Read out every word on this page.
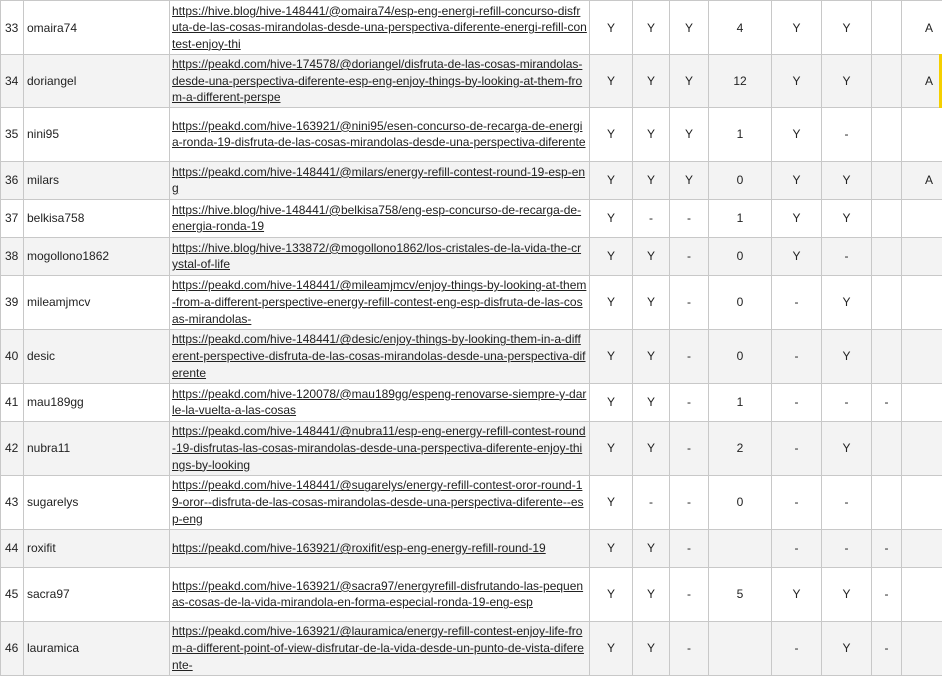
33	omaira74	https://hive.blog/hive-148441/@omaira74/esp-eng-energi-refill-concurso-disfruta-de-las-cosas-mirandolas-desde-una-perspectiva-diferente-energi-refill-contest-enjoy-thi	Y	Y	Y	4	Y	Y		A
34	doriangel	https://peakd.com/hive-174578/@doriangel/disfruta-de-las-cosas-mirandolas-desde-una-perspectiva-diferente-esp-eng-enjoy-things-by-looking-at-them-from-a-different-perspe	Y	Y	Y	12	Y	Y		A
35	nini95	https://peakd.com/hive-163921/@nini95/esen-concurso-de-recarga-de-energia-ronda-19-disfruta-de-las-cosas-mirandolas-desde-una-perspectiva-diferente	Y	Y	Y	1	Y	-		
36	milars	https://peakd.com/hive-148441/@milars/energy-refill-contest-round-19-esp-eng	Y	Y	Y	0	Y	Y		A
37	belkisa758	https://hive.blog/hive-148441/@belkisa758/eng-esp-concurso-de-recarga-de-energia-ronda-19	Y	-	-	1	Y	Y		
38	mogollono1862	https://hive.blog/hive-133872/@mogollono1862/los-cristales-de-la-vida-the-crystal-of-life	Y	Y	-	0	Y	-		
39	mileamjmcv	https://peakd.com/hive-148441/@mileamjmcv/enjoy-things-by-looking-at-them-from-a-different-perspective-energy-refill-contest-eng-esp-disfruta-de-las-cosas-mirandolas-	Y	Y	-	0	-	Y		
40	desic	https://peakd.com/hive-148441/@desic/enjoy-things-by-looking-them-in-a-different-perspective-disfruta-de-las-cosas-mirandolas-desde-una-perspectiva-diferente	Y	Y	-	0	-	Y		
41	mau189gg	https://peakd.com/hive-120078/@mau189gg/espeng-renovarse-siempre-y-darle-la-vuelta-a-las-cosas	Y	Y	-	1	-	-	-	
42	nubra11	https://peakd.com/hive-148441/@nubra11/esp-eng-energy-refill-contest-round-19-disfrutas-las-cosas-mirandolas-desde-una-perspectiva-diferente-enjoy-things-by-looking	Y	Y	-	2	-	Y		
43	sugarelys	https://peakd.com/hive-148441/@sugarelys/energy-refill-contest-oror-round-19-oror--disfruta-de-las-cosas-mirandolas-desde-una-perspectiva-diferente--esp-eng	Y	-	-	0	-	-		
44	roxifit	https://peakd.com/hive-163921/@roxifit/esp-eng-energy-refill-round-19	Y	Y	-		-	-	-	
45	sacra97	https://peakd.com/hive-163921/@sacra97/energyrefill-disfrutando-las-pequenas-cosas-de-la-vida-mirandola-en-forma-especial-ronda-19-eng-esp	Y	Y	-	5	Y	Y	-	
46	lauramica	https://peakd.com/hive-163921/@lauramica/energy-refill-contest-enjoy-life-from-a-different-point-of-view-disfrutar-de-la-vida-desde-un-punto-de-vista-diferente-	Y	Y	-		-	Y	-	
